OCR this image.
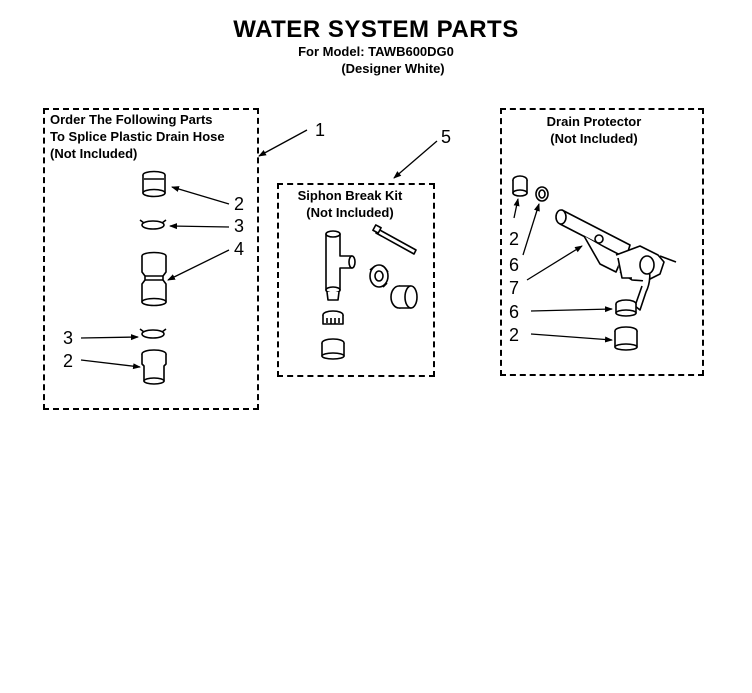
WATER SYSTEM PARTS
For Model: TAWB600DG0
(Designer White)
Order The Following Parts
To Splice Plastic Drain Hose
(Not Included)
Siphon Break Kit
(Not Included)
Drain Protector
(Not Included)
1
2
3
4
3
2
5
2
6
7
6
2
